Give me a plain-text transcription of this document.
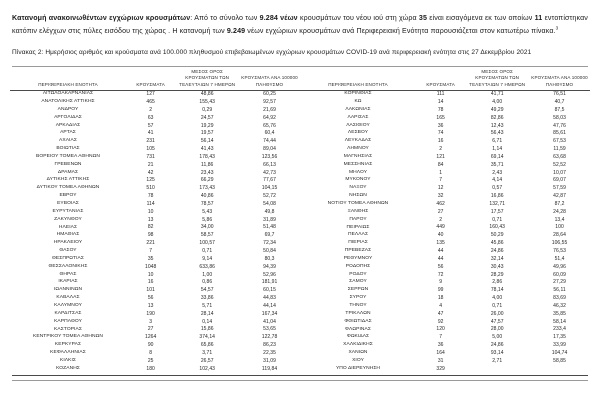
Κατανομή ανακοινωθέντων εγχώριων κρουσμάτων: Από το σύνολο των 9.284 νέων κρουσμάτων του νέου ιού στη χώρα 35 είναι εισαγόμενα εκ των οποίων 11 εντοπίστηκαν κατόπιν ελέγχων στις πύλες εισόδου της χώρας . Η κατανομή των 9.249 νέων εγχώριων κρουσμάτων ανά Περιφερειακή Ενότητα παρουσιάζεται στον κατωτέρω πίνακα.$^3$

Πίνακας 2: Ημερήσιος αριθμός και κρούσματα ανά 100.000 πληθυσμού επιβεβαιωμένων εγχώριων κρουσμάτων COVID-19 ανά περιφερειακή ενότητα στις 27 Δεκεμβρίου 2021

ΠΕΡΙΦΕΡΕΙΑΚΗ ΕΝΟΤΗΤΑ	ΚΡΟΥΣΜΑΤΑ	ΜΕΣΟΣ ΟΡΟΣ ΚΡΟΥΣΜΑΤΩΝ ΤΩΝ ΤΕΛΕΥΤΑΙΩΝ 7 ΗΜΕΡΩΝ	ΚΡΟΥΣΜΑΤΑ ΑΝΑ 100000 ΠΛΗΘΥΣΜΟ
ΑΙΤΩΛΟΑΚΑΡΝΑΝΙΑΣ	127	48,86	60,25
ΑΝΑΤΟΛΙΚΗΣ ΑΤΤΙΚΗΣ	465	155,43	92,57
ΑΝΔΡΟΥ	2	0,29	21,69
ΑΡΓΟΛΙΔΑΣ	63	24,57	64,92
ΑΡΚΑΔΙΑΣ	57	19,29	65,76
ΑΡΤΑΣ	41	19,57	60,4
ΑΧΑΪΑΣ	231	56,14	74,44
ΒΟΙΩΤΙΑΣ	105	41,43	89,04
ΒΟΡΕΙΟΥ ΤΟΜΕΑ ΑΘΗΝΩΝ	731	178,43	123,56
ΓΡΕΒΕΝΩΝ	21	11,86	66,13
ΔΡΑΜΑΣ	42	23,43	42,73
ΔΥΤΙΚΗΣ ΑΤΤΙΚΗΣ	125	66,29	77,67
ΔΥΤΙΚΟΥ ΤΟΜΕΑ ΑΘΗΝΩΝ	510	173,43	104,15
ΕΒΡΟΥ	78	40,86	52,72
ΕΥΒΟΙΑΣ	114	78,57	54,08
ΕΥΡΥΤΑΝΙΑΣ	10	5,43	49,8
ΖΑΚΥΝΘΟΥ	13	5,86	31,89
ΗΛΕΙΑΣ	82	34,00	51,48
ΗΜΑΘΙΑΣ	98	58,57	69,7
ΗΡΑΚΛΕΙΟΥ	221	100,57	72,34
ΘΑΣΟΥ	7	0,71	50,84
ΘΕΣΠΡΩΤΙΑΣ	35	9,14	80,3
ΘΕΣΣΑΛΟΝΙΚΗΣ	1048	633,86	94,39
ΘΗΡΑΣ	10	1,00	52,96
ΙΚΑΡΙΑΣ	16	0,86	181,91
ΙΩΑΝΝΙΝΩΝ	101	54,57	60,15
ΚΑΒΑΛΑΣ	56	33,86	44,83
ΚΑΛΥΜΝΟΥ	13	5,71	44,14
ΚΑΡΔΙΤΣΑΣ	190	28,14	167,34
ΚΑΡΠΑΘΟΥ	3	0,14	41,04
ΚΑΣΤΟΡΙΑΣ	27	15,86	53,65
ΚΕΝΤΡΙΚΟΥ ΤΟΜΕΑ ΑΘΗΝΩΝ	1264	374,14	122,78
ΚΕΡΚΥΡΑΣ	90	65,86	86,23
ΚΕΦΑΛΛΗΝΙΑΣ	8	3,71	22,35
ΚΙΛΚΙΣ	25	26,57	31,09
ΚΟΖΑΝΗΣ	180	102,43	119,84
ΠΕΡΙΦΕΡΕΙΑΚΗ ΕΝΟΤΗΤΑ	ΚΡΟΥΣΜΑΤΑ	ΜΕΣΟΣ ΟΡΟΣ ΚΡΟΥΣΜΑΤΩΝ ΤΩΝ ΤΕΛΕΥΤΑΙΩΝ 7 ΗΜΕΡΩΝ	ΚΡΟΥΣΜΑΤΑ ΑΝΑ 100000 ΠΛΗΘΥΣΜΟ
ΚΟΡΙΝΘΙΑΣ	111	41,71	76,51
ΚΩ	14	4,00	40,7
ΛΑΚΩΝΙΑΣ	78	49,29	87,5
ΛΑΡΙΣΑΣ	165	82,86	58,03
ΛΑΣΙΘΙΟΥ	36	12,43	47,76
ΛΕΣΒΟΥ	74	56,43	85,61
ΛΕΥΚΑΔΑΣ	16	6,71	67,53
ΛΗΜΝΟΥ	2	1,14	11,59
ΜΑΓΝΗΣΙΑΣ	121	69,14	63,68
ΜΕΣΣΗΝΙΑΣ	84	35,71	52,52
ΜΗΛΟΥ	1	2,43	10,07
ΜΥΚΟΝΟΥ	7	4,14	69,07
ΝΑΞΟΥ	12	0,57	57,59
ΝΗΣΩΝ	32	16,86	42,87
ΝΟΤΙΟΥ ΤΟΜΕΑ ΑΘΗΝΩΝ	462	132,71	87,2
ΞΑΝΘΗΣ	27	17,57	24,28
ΠΑΡΟΥ	2	0,71	13,4
ΠΕΙΡΑΙΩΣ	449	160,43	100
ΠΕΛΛΑΣ	40	50,29	28,64
ΠΙΕΡΙΑΣ	135	45,86	106,55
ΠΡΕΒΕΖΑΣ	44	24,86	76,53
ΡΕΘΥΜΝΟΥ	44	32,14	51,4
ΡΟΔΟΠΗΣ	56	30,43	49,96
ΡΟΔΟΥ	72	28,29	60,09
ΣΑΜΟΥ	9	2,86	27,29
ΣΕΡΡΩΝ	99	78,14	56,11
ΣΥΡΟΥ	18	4,00	83,69
ΤΗΝΟΥ	4	0,71	46,32
ΤΡΙΚΑΛΩΝ	47	26,00	35,85
ΦΘΙΩΤΙΔΑΣ	92	47,57	58,14
ΦΛΩΡΙΝΑΣ	120	28,00	233,4
ΦΩΚΙΔΑΣ	7	5,00	17,35
ΧΑΛΚΙΔΙΚΗΣ	36	24,86	33,99
ΧΑΝΙΩΝ	164	93,14	104,74
ΧΙΟΥ	31	2,71	58,85
ΥΠΟ ΔΙΕΡΕΥΝΗΣΗ	329		
